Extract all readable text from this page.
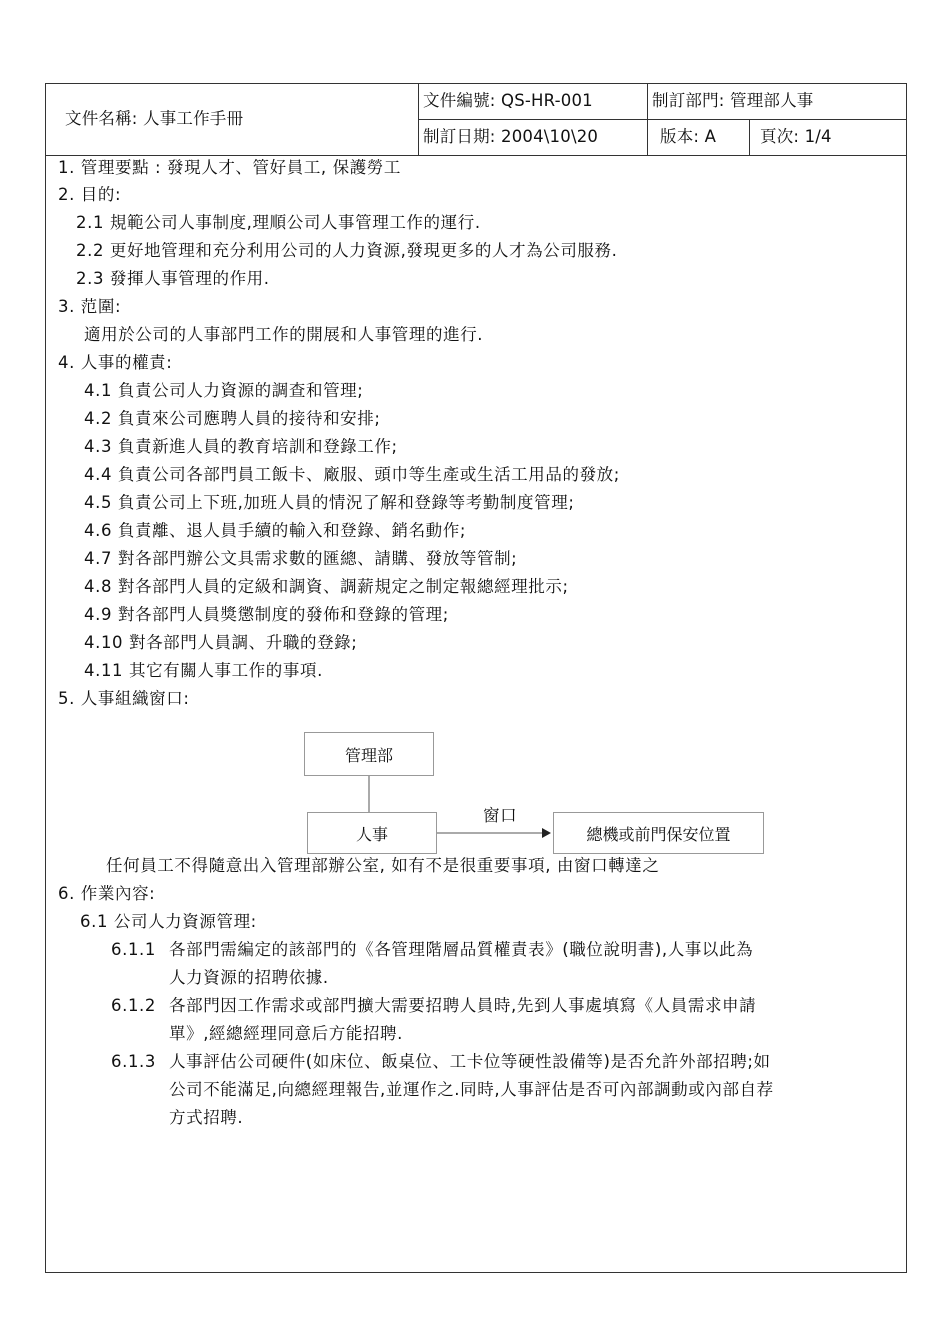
文件名稱: 人事工作手冊
文件編號: QS-HR-001	制訂部門: 管理部人事
制訂日期: 2004\10\20	版本: A	頁次: 1/4
1. 管理要點 : 發現人才、管好員工, 保護勞工
2. 目的:
2.1 規範公司人事制度,理順公司人事管理工作的運行.
2.2 更好地管理和充分利用公司的人力資源,發現更多的人才為公司服務.
2.3 發揮人事管理的作用.
3. 范圍:
適用於公司的人事部門工作的開展和人事管理的進行.
4. 人事的權責:
4.1 負責公司人力資源的調查和管理;
4.2 負責來公司應聘人員的接待和安排;
4.3 負責新進人員的教育培訓和登錄工作;
4.4 負責公司各部門員工飯卡、廠服、頭巾等生產或生活工用品的發放;
4.5 負責公司上下班,加班人員的情況了解和登錄等考勤制度管理;
4.6 負責離、退人員手續的輸入和登錄、銷名動作;
4.7 對各部門辦公文具需求數的匯總、請購、發放等管制;
4.8 對各部門人員的定級和調資、調薪規定之制定報總經理批示;
4.9 對各部門人員獎懲制度的發佈和登錄的管理;
4.10 對各部門人員調、升職的登錄;
4.11 其它有關人事工作的事項.
5. 人事組織窗口:
管理部
人事
窗口
總機或前門保安位置
任何員工不得隨意出入管理部辦公室, 如有不是很重要事項, 由窗口轉達之
6. 作業內容:
6.1 公司人力資源管理:
6.1.1 各部門需編定的該部門的《各管理階層品質權責表》(職位說明書),人事以此為
人力資源的招聘依據.
6.1.2 各部門因工作需求或部門擴大需要招聘人員時,先到人事處填寫《人員需求申請
單》,經總經理同意后方能招聘.
6.1.3 人事評估公司硬件(如床位、飯桌位、工卡位等硬性設備等)是否允許外部招聘;如
公司不能滿足,向總經理報告,並運作之.同時,人事評估是否可內部調動或內部自荐
方式招聘.
